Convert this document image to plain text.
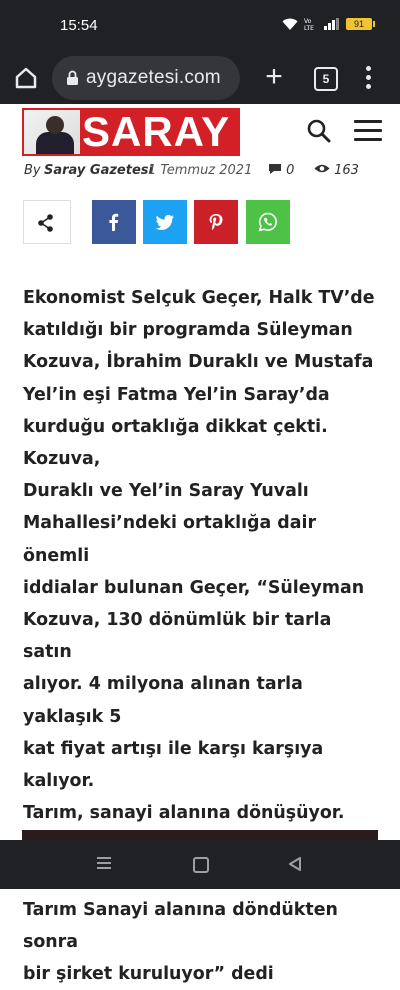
15:54	Vo
LTE	91
aygazetesi.com +	5
SARAY
By Saray Gazetesi
1 Temmuz 2021	0	163
Ekonomist Selçuk Geçer, Halk TV’de
katıldığı bir programda Süleyman
Kozuva, İbrahim Duraklı ve Mustafa
Yel’in eşi Fatma Yel’in Saray’da
kurduğu ortaklığa dikkat çekti. Kozuva,
Duraklı ve Yel’in Saray Yuvalı
Mahallesi’ndeki ortaklığa dair önemli
iddialar bulunan Geçer, “Süleyman
Kozuva, 130 dönümlük bir tarla satın
alıyor. 4 milyona alınan tarla yaklaşık 5
kat fiyat artışı ile karşı karşıya kalıyor.
Tarım, sanayi alanına dönüşüyor.
Tarım Sanayi alanına döndükten sonra
bir şirket kuruluyor” dedi
